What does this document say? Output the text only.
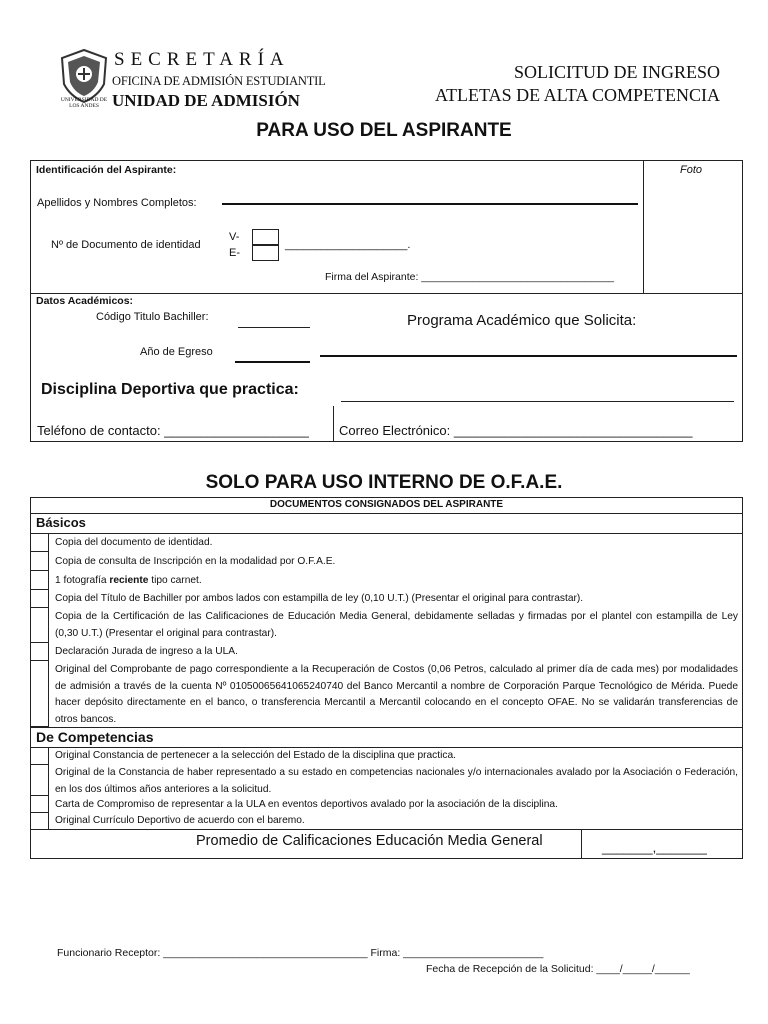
SECRETARÍA
OFICINA DE ADMISIÓN ESTUDIANTIL
UNIDAD DE ADMISIÓN
UNIVERSIDAD DE LOS ANDES
SOLICITUD DE INGRESO
ATLETAS DE ALTA COMPETENCIA
PARA USO DEL ASPIRANTE
Identificación del Aspirante:	Foto
Apellidos y Nombres Completos:
Nº de Documento de identidad
V-
E-
____________________.
Firma del Aspirante: _________________________________
Datos Académicos:
Código Titulo Bachiller:	Programa Académico que Solicita:
Año de Egreso
Disciplina Deportiva que practica:
Teléfono de contacto: ____________________ Correo Electrónico: _________________________________
SOLO PARA USO INTERNO DE O.F.A.E.
DOCUMENTOS CONSIGNADOS DEL ASPIRANTE
Básicos
Copia del documento de identidad.
Copia de consulta de Inscripción en la modalidad por O.F.A.E.
1 fotografía reciente tipo carnet.
Copia del Título de Bachiller por ambos lados con estampilla de ley (0,10 U.T.) (Presentar el original para contrastar).
Copia de la Certificación de las Calificaciones de Educación Media General, debidamente selladas y firmadas por el plantel con estampilla de Ley (0,30 U.T.) (Presentar el original para contrastar).
Declaración Jurada de ingreso a la ULA.
Original del Comprobante de pago correspondiente a la Recuperación de Costos (0,06 Petros, calculado al primer día de cada mes) por modalidades de admisión a través de la cuenta Nº 01050065641065240740 del Banco Mercantil a nombre de Corporación Parque Tecnológico de Mérida. Puede hacer depósito directamente en el banco, o transferencia Mercantil a Mercantil colocando en el concepto OFAE. No se validarán transferencias de otros bancos.
De Competencias
Original Constancia de pertenecer a la selección del Estado de la disciplina que practica.
Original de la Constancia de haber representado a su estado en competencias nacionales y/o internacionales avalado por la Asociación o Federación, en los dos últimos años anteriores a la solicitud.
Carta de Compromiso de representar a la ULA en eventos deportivos avalado por la asociación de la disciplina.
Original Currículo Deportivo de acuerdo con el baremo.
Promedio de Calificaciones Educación Media General	_______,_______
Funcionario Receptor: ___________________________________ Firma: ________________________
Fecha de Recepción de la Solicitud: ____/_____/______
